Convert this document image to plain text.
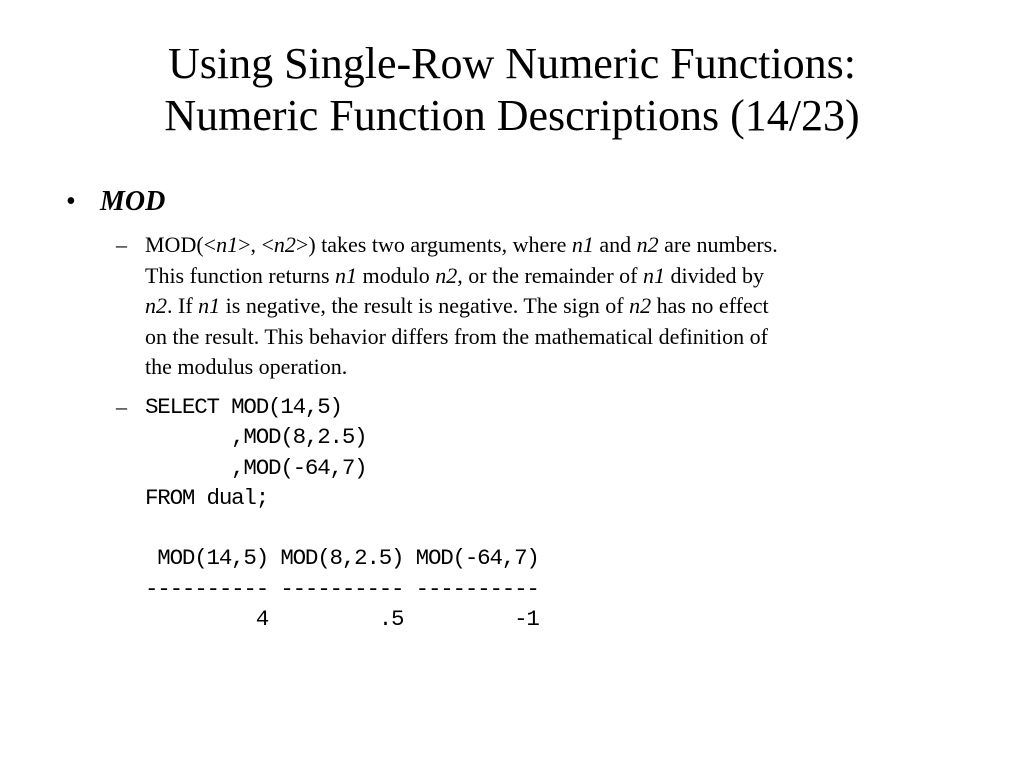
Using Single-Row Numeric Functions:
Numeric Function Descriptions (14/23)
• MOD
– MOD(<n1>, <n2>) takes two arguments, where n1 and n2 are numbers.
This function returns n1 modulo n2, or the remainder of n1 divided by
n2. If n1 is negative, the result is negative. The sign of n2 has no effect
on the result. This behavior differs from the mathematical definition of
the modulus operation.
– SELECT MOD(14,5)
,MOD(8,2.5)
,MOD(-64,7)
FROM dual;

MOD(14,5) MOD(8,2.5) MOD(-64,7)
---------- ---------- ----------
4         .5         -1
